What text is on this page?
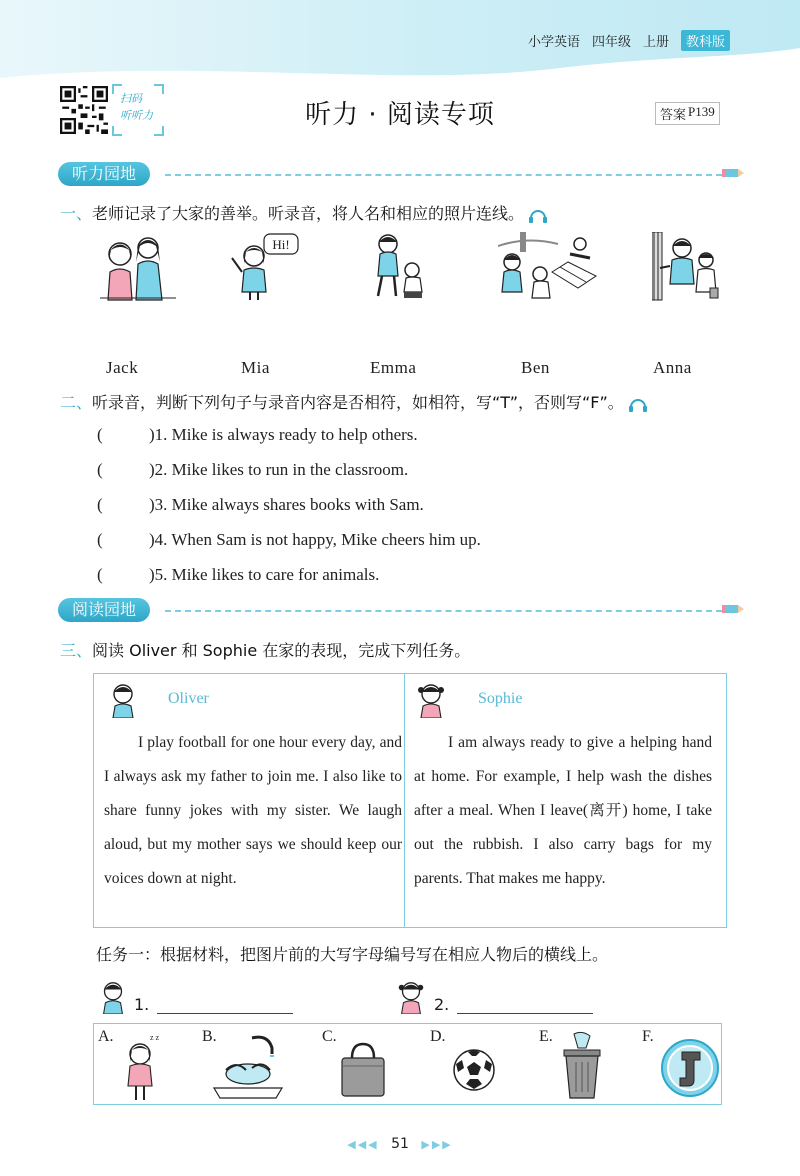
小学英语 四年级 上册	教科版
扫码
听听力	听力 · 阅读专项	答案 P139
听力园地
一、老师记录了大家的善举。听录音，将人名和相应的照片连线。
Hi!
Jack	Mia	Emma	Ben	Anna
二、听录音，判断下列句子与录音内容是否相符，如相符，写“T”，否则写“F”。
(	)1. Mike is always ready to help others.
(	)2. Mike likes to run in the classroom.
(	)3. Mike always shares books with Sam.
(	)4. When Sam is not happy, Mike cheers him up.
(	)5. Mike likes to care for animals.
阅读园地
三、阅读 Oliver 和 Sophie 在家的表现，完成下列任务。
Oliver
I play football for one hour every day, and I always ask my father to join me. I also like to share funny jokes with my sister. We laugh aloud, but my mother says we should keep our voices down at night.
Sophie
I am always ready to give a helping hand at home. For example, I help wash the dishes after a meal. When I leave(离开) home, I take out the rubbish. I also carry bags for my parents. That makes me happy.
任务一：根据材料，把图片前的大写字母编号写在相应人物后的横线上。
1.	2.
A.	B.	C.	D.	E.	F.
z z
◀◀◀ 51 ▶▶▶
